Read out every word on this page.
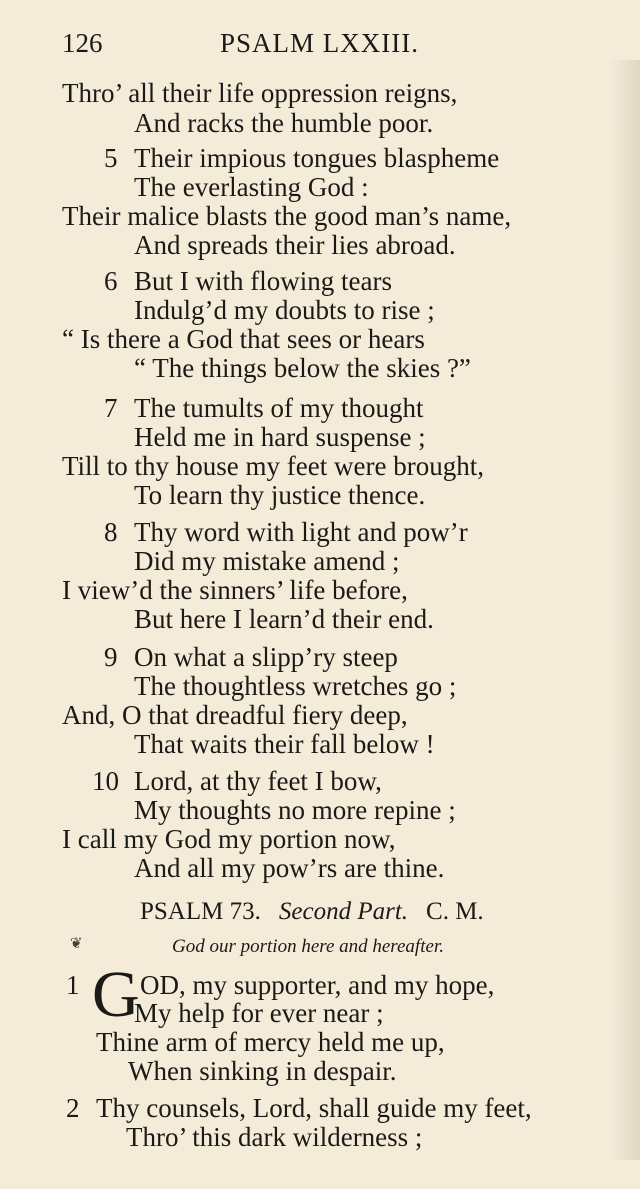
126	PSALM LXXIII.
Thro’ all their life oppression reigns,
And racks the humble poor.
5 Their impious tongues blaspheme
The everlasting God :
Their malice blasts the good man’s name,
And spreads their lies abroad.
6 But I with flowing tears
Indulg’d my doubts to rise ;
“ Is there a God that sees or hears
“ The things below the skies ?”
7 The tumults of my thought
Held me in hard suspense ;
Till to thy house my feet were brought,
To learn thy justice thence.
8 Thy word with light and pow’r
Did my mistake amend ;
I view’d the sinners’ life before,
But here I learn’d their end.
9 On what a slipp’ry steep
The thoughtless wretches go ;
And, O that dreadful fiery deep,
That waits their fall below !
10 Lord, at thy feet I bow,
My thoughts no more repine ;
I call my God my portion now,
And all my pow’rs are thine.
PSALM 73. Second Part. C. M.
❦	God our portion here and hereafter.
1 G OD, my supporter, and my hope,
My help for ever near ;
Thine arm of mercy held me up,
When sinking in despair.
2 Thy counsels, Lord, shall guide my feet,
Thro’ this dark wilderness ;
